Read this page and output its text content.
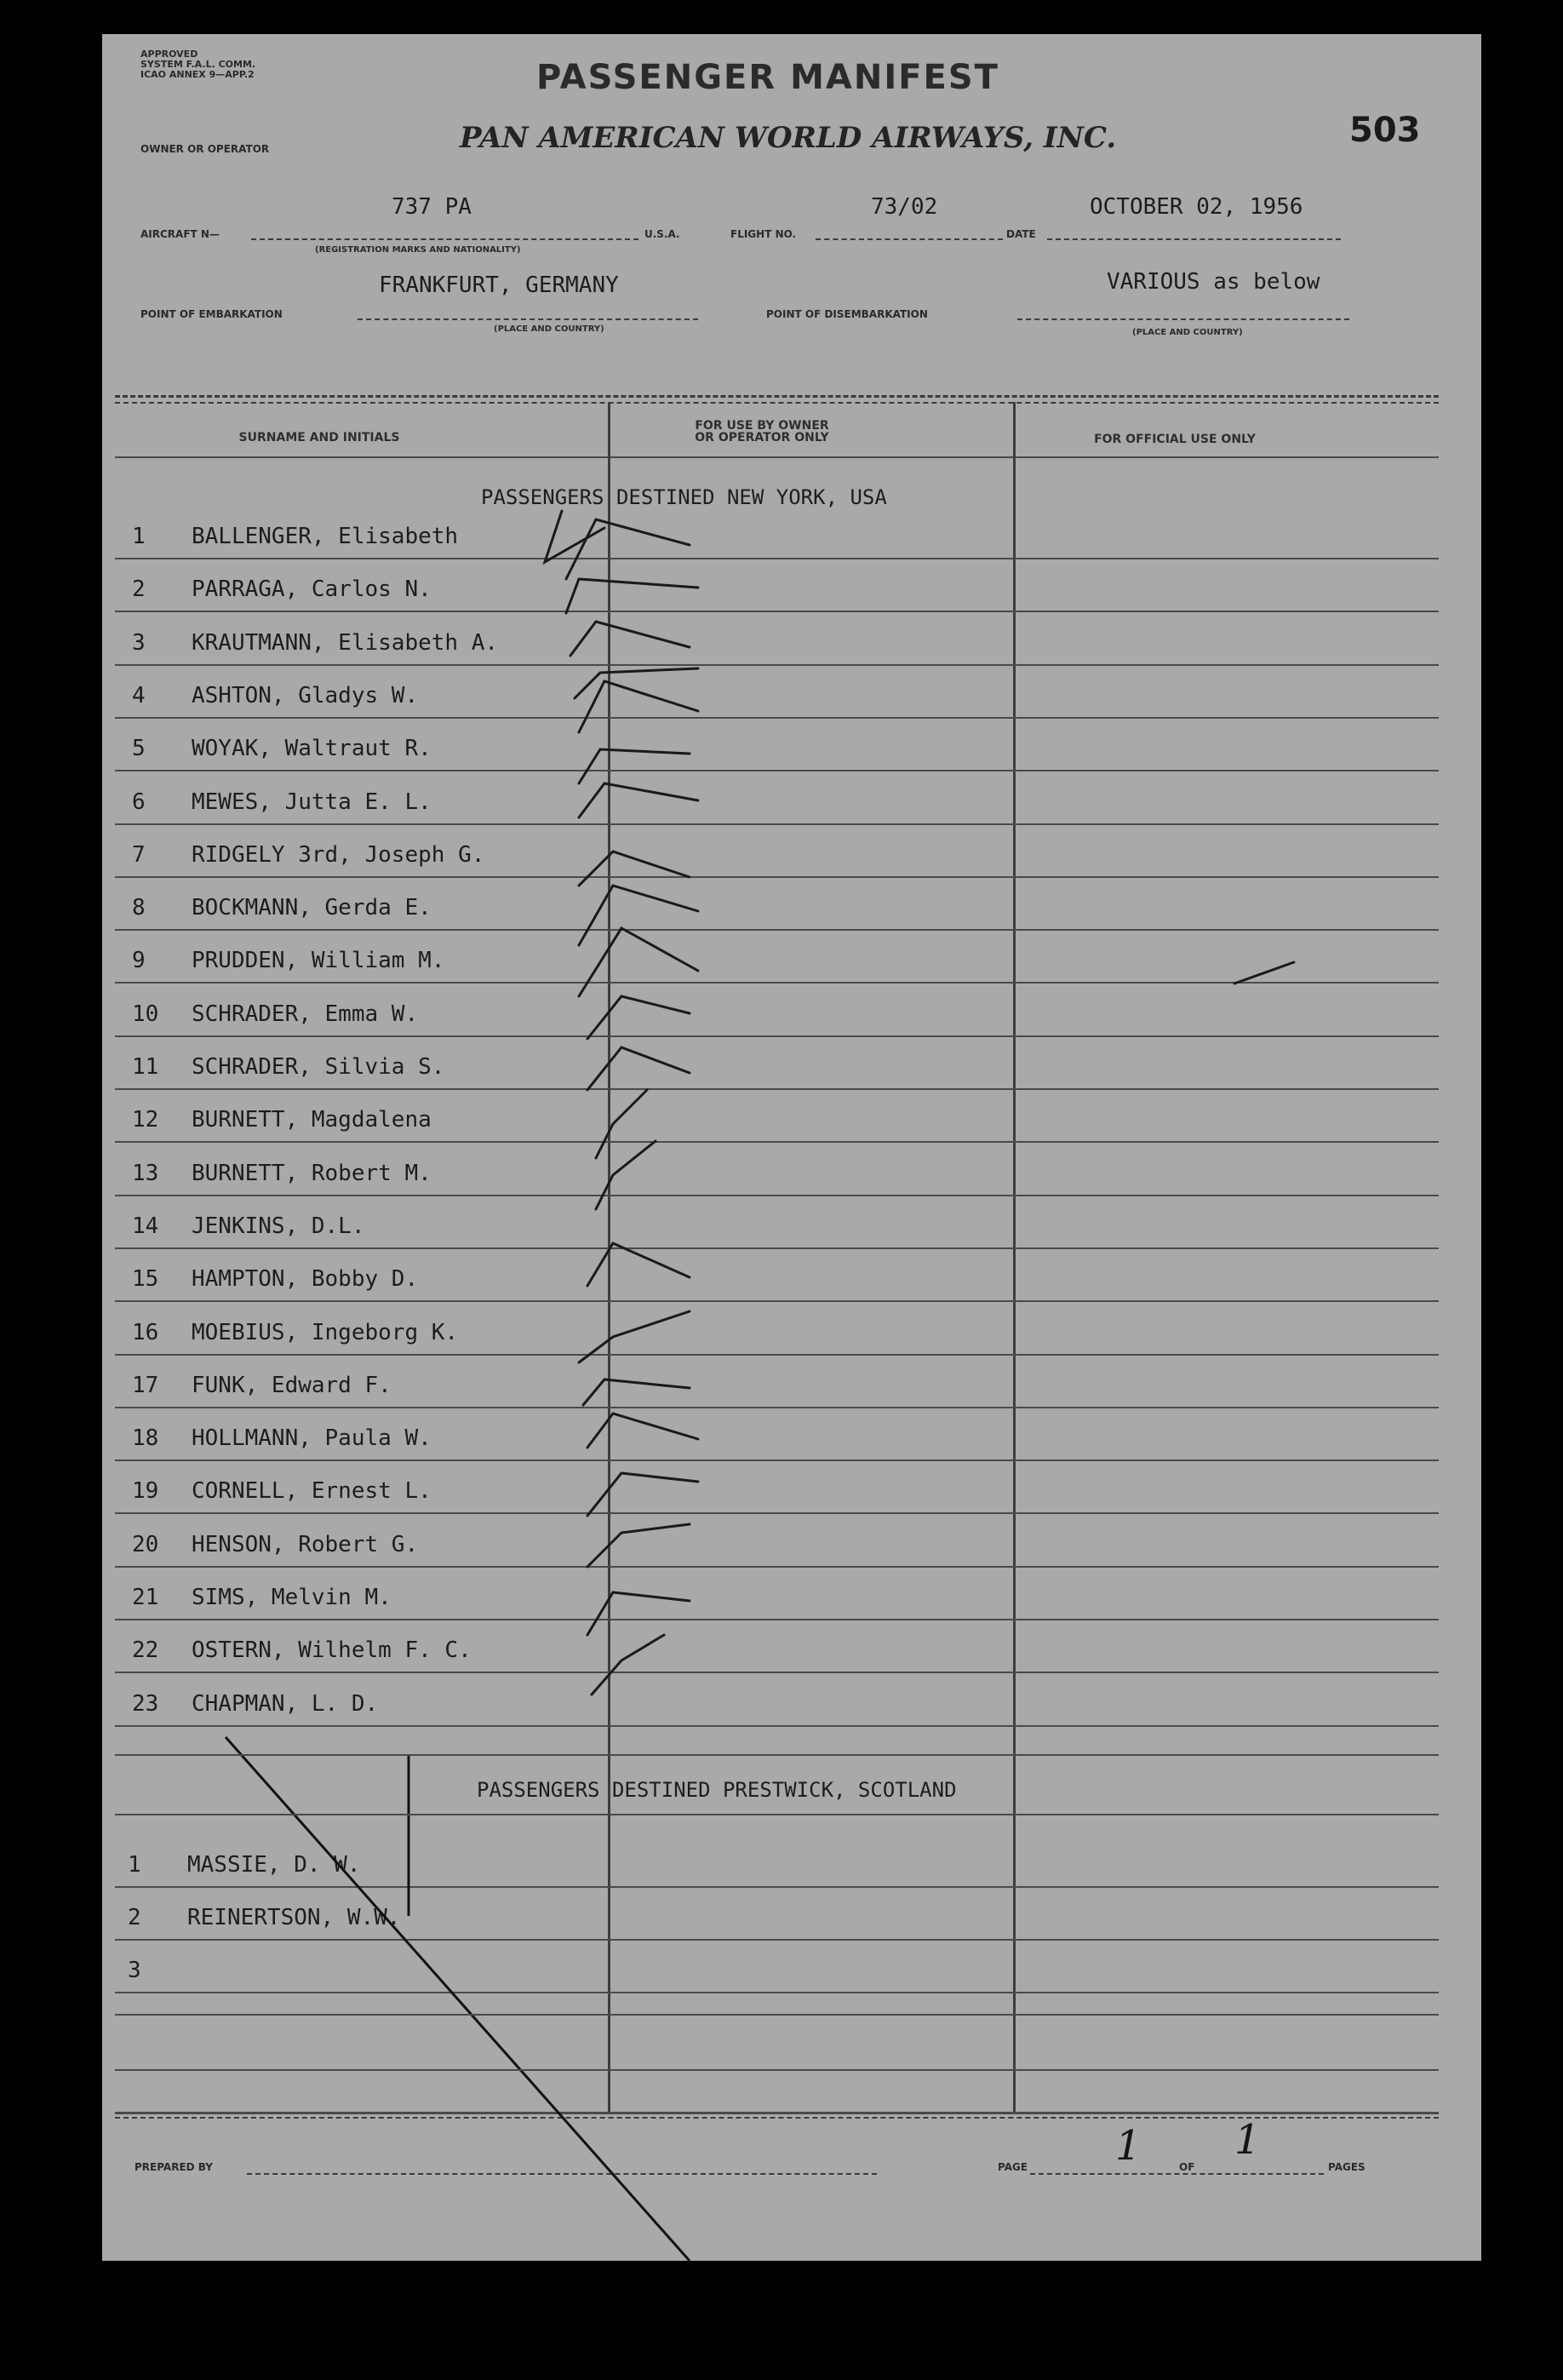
APPROVED
SYSTEM F.A.L. COMM.
ICAO ANNEX 9—APP.2	PASSENGER MANIFEST
PAN AMERICAN WORLD AIRWAYS, INC.	503
OWNER OR OPERATOR
AIRCRAFT N—
737 PA
(REGISTRATION MARKS AND NATIONALITY)
U.S.A.	FLIGHT NO.
73/02
DATE
OCTOBER 02, 1956
POINT OF EMBARKATION
FRANKFURT, GERMANY
(PLACE AND COUNTRY)
POINT OF DISEMBARKATION
VARIOUS as below
(PLACE AND COUNTRY)
SURNAME AND INITIALS
FOR USE BY OWNER
OR OPERATOR ONLY	FOR OFFICIAL USE ONLY
PASSENGERS DESTINED NEW YORK, USA
1 BALLENGER, Elisabeth
2 PARRAGA, Carlos N.
3 KRAUTMANN, Elisabeth A.
4 ASHTON, Gladys W.
5 WOYAK, Waltraut R.
6 MEWES, Jutta E. L.
7 RIDGELY 3rd, Joseph G.
8 BOCKMANN, Gerda E.
9 PRUDDEN, William M.
10 SCHRADER, Emma W.
11 SCHRADER, Silvia S.
12 BURNETT, Magdalena
13 BURNETT, Robert M.
14 JENKINS, D.L.
15 HAMPTON, Bobby D.
16 MOEBIUS, Ingeborg K.
17 FUNK, Edward F.
18 HOLLMANN, Paula W.
19 CORNELL, Ernest L.
20 HENSON, Robert G.
21 SIMS, Melvin M.
22 OSTERN, Wilhelm F. C.
23 CHAPMAN, L. D.
PASSENGERS DESTINED PRESTWICK, SCOTLAND
1 MASSIE, D. W.
2 REINERTSON, W.W.
3
PREPARED BY	PAGE 1	OF
1
PAGES
